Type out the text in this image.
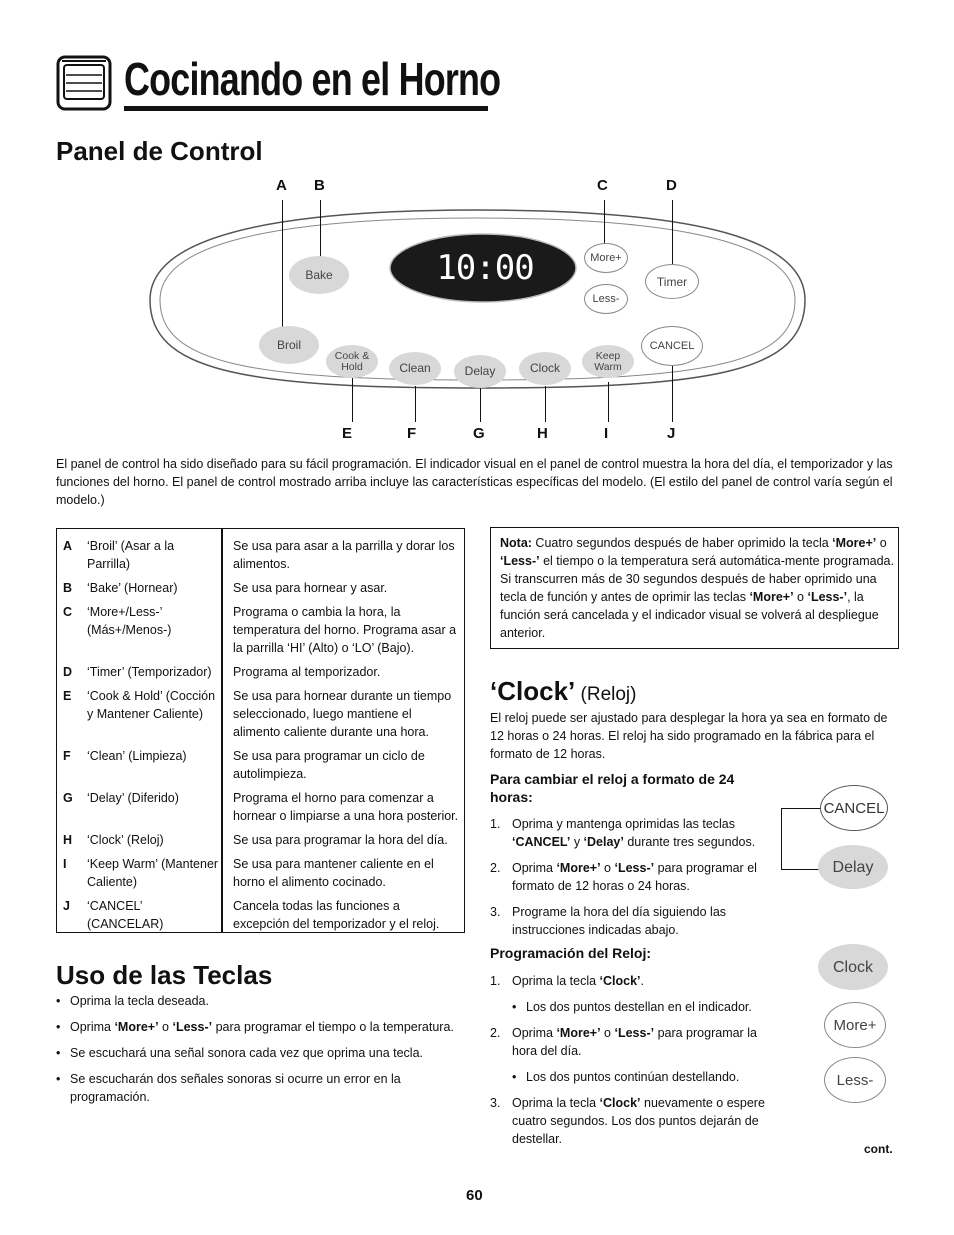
Cocinando en el Horno
Panel de Control
10:00
A B	C	D
E	F	G	H	I	J
Bake
Broil
More+
Less-
Timer
CANCEL
Cook &
Hold	Clean	Delay	Clock
Keep
Warm
El panel de control ha sido diseñado para su fácil programación. El indicador visual en el panel de control muestra la hora del día, el temporizador y las funciones del horno. El panel de control mostrado arriba incluye las características específicas del modelo. (El estilo del panel de control varía según el modelo.)
A	‘Broil’ (Asar a la Parrilla)	Se usa para asar a la parrilla y dorar los alimentos.
B	‘Bake’ (Hornear)	Se usa para hornear y asar.
C	‘More+/Less-’ (Más+/Menos-)	Programa o cambia la hora, la temperatura del horno. Programa asar a la parrilla ‘HI’ (Alto) o ‘LO’ (Bajo).
D	‘Timer’ (Temporizador)	Programa al temporizador.
E	‘Cook & Hold’ (Cocción y Mantener Caliente)	Se usa para hornear durante un tiempo seleccionado, luego mantiene el alimento caliente durante una hora.
F	‘Clean’ (Limpieza)	Se usa para programar un ciclo de autolimpieza.
G	‘Delay’ (Diferido)	Programa el horno para comenzar a hornear o limpiarse a una hora posterior.
H	‘Clock’ (Reloj)	Se usa para programar la hora del día.
I	‘Keep Warm’ (Mantener Caliente)	Se usa para mantener caliente en el horno el alimento cocinado.
J	‘CANCEL’ (CANCELAR)	Cancela todas las funciones a excepción del temporizador y el reloj.
Nota: Cuatro segundos después de haber oprimido la tecla ‘More+’ o ‘Less-’ el tiempo o la temperatura será automática-mente programada. Si transcurren más de 30 segundos después de haber oprimido una tecla de función y antes de oprimir las teclas ‘More+’ o ‘Less-’, la función será cancelada y el indicador visual se volverá al despliegue anterior.
‘Clock’ (Reloj)
El reloj puede ser ajustado para desplegar la hora ya sea en formato de 12 horas o 24 horas. El reloj ha sido programado en la fábrica para el formato de 12 horas.
Para cambiar el reloj a formato de 24 horas:
1. Oprima y mantenga oprimidas las teclas ‘CANCEL’ y ‘Delay’ durante tres segundos.
2. Oprima ‘More+’ o ‘Less-’ para programar el formato de 12 horas o 24 horas.
3. Programe la hora del día siguiendo las instrucciones indicadas abajo.
Programación del Reloj:
1. Oprima la tecla ‘Clock’.
• Los dos puntos destellan en el indicador.
2. Oprima ‘More+’ o ‘Less-’ para programar la hora del día.
• Los dos puntos continúan destellando.
3. Oprima la tecla ‘Clock’ nuevamente o espere cuatro segundos. Los dos puntos dejarán de destellar.
CANCEL
Delay
Clock
More+
Less-
Uso de las Teclas
• Oprima la tecla deseada.
• Oprima ‘More+’ o ‘Less-’ para programar el tiempo o la temperatura.
• Se escuchará una señal sonora cada vez que oprima una tecla.
• Se escucharán dos señales sonoras si ocurre un error en la programación.
cont.
60
